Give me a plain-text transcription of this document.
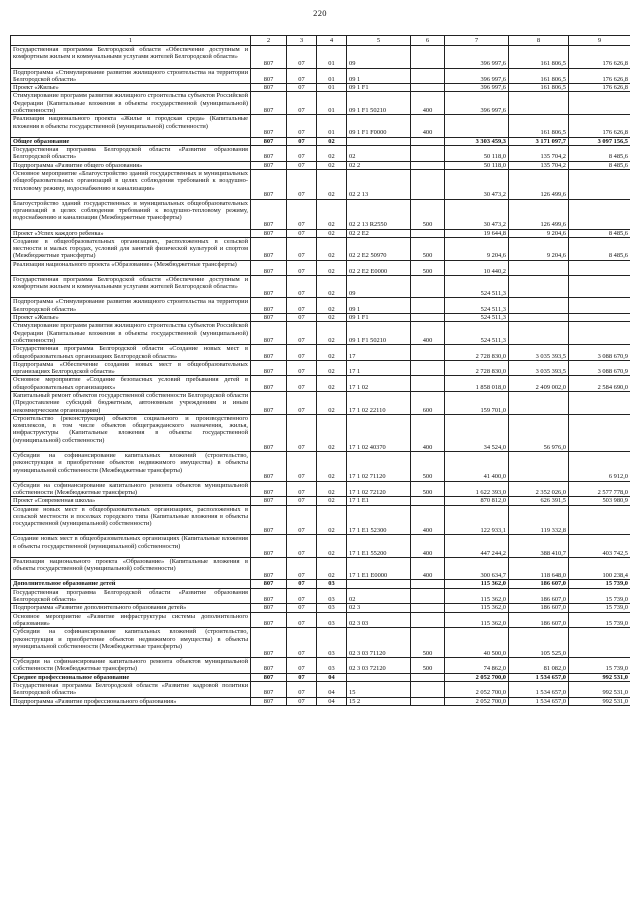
220
1	2	3	4	5	6	7	8	9
Государственная программа Белгородской области «Обеспечение доступным и комфортным жильем и коммунальными услугами жителей Белгородской области»	807	07	01	09		396 997,6	161 806,5	176 626,8
Подпрограмма «Стимулирование развития жилищного строительства на территории Белгородской области»	807	07	01	09 1		396 997,6	161 806,5	176 626,8
Проект «Жилье»	807	07	01	09 1 F1		396 997,6	161 806,5	176 626,8
Стимулирование программ развития жилищного строительства субъектов Российской Федерации (Капитальные вложения в объекты государственной (муниципальной) собственности)	807	07	01	09 1 F1 50210	400	396 997,6		
Реализация национального проекта «Жилье и городская среда» (Капитальные вложения в объекты государственной (муниципальной) собственности)	807	07	01	09 1 F1 F0000	400		161 806,5	176 626,8
Общее образование	807	07	02			3 303 459,3	3 171 097,7	3 097 156,5
Государственная программа Белгородской области «Развитие образования Белгородской области»	807	07	02	02		50 118,0	135 704,2	8 485,6
Подпрограмма «Развитие общего образования»	807	07	02	02 2		50 118,0	135 704,2	8 485,6
Основное мероприятие «Благоустройство зданий государственных и муниципальных общеобразовательных организаций в целях соблюдения требований к воздушно-тепловому режиму, водоснабжению и канализации»	807	07	02	02 2 13		30 473,2	126 499,6	
Благоустройство зданий государственных и муниципальных общеобразовательных организаций в целях соблюдения требований к воздушно-тепловому режиму, водоснабжению и канализации (Межбюджетные трансферты)	807	07	02	02 2 13 R2550	500	30 473,2	126 499,6	
Проект «Успех каждого ребенка»	807	07	02	02 2 E2		19 644,8	9 204,6	8 485,6
Создание в общеобразовательных организациях, расположенных в сельской местности и малых городах, условий для занятий физической культурой и спортом (Межбюджетные трансферты)	807	07	02	02 2 E2 50970	500	9 204,6	9 204,6	8 485,6
Реализация национального проекта «Образование» (Межбюджетные трансферты)	807	07	02	02 2 E2 E0000	500	10 440,2		
Государственная программа Белгородской области «Обеспечение доступным и комфортным жильем и коммунальными услугами жителей Белгородской области»	807	07	02	09		524 511,3		
Подпрограмма «Стимулирование развития жилищного строительства на территории Белгородской области»	807	07	02	09 1		524 511,3		
Проект «Жилье»	807	07	02	09 1 F1		524 511,3		
Стимулирование программ развития жилищного строительства субъектов Российской Федерации (Капитальные вложения в объекты государственной (муниципальной) собственности)	807	07	02	09 1 F1 50210	400	524 511,3		
Государственная программа Белгородской области «Создание новых мест в общеобразовательных организациях Белгородской области»	807	07	02	17		2 728 830,0	3 035 393,5	3 088 670,9
Подпрограмма «Обеспечение создания новых мест в общеобразовательных организациях Белгородской области»	807	07	02	17 1		2 728 830,0	3 035 393,5	3 088 670,9
Основное мероприятие «Создание безопасных условий пребывания детей в общеобразовательных организациях»	807	07	02	17 1 02		1 858 018,0	2 409 002,0	2 584 690,0
Капитальный ремонт объектов государственной собственности Белгородской области (Предоставление субсидий бюджетным, автономным учреждениям и иным некоммерческим организациям)	807	07	02	17 1 02 22110	600	159 701,0		
Строительство (реконструкция) объектов социального и производственного комплексов, в том числе объектов общегражданского назначения, жилья, инфраструктуры (Капитальные вложения в объекты государственной (муниципальной) собственности)	807	07	02	17 1 02 40370	400	34 524,0	56 976,0	
Субсидии на софинансирование капитальных вложений (строительство, реконструкция и приобретение объектов недвижимого имущества) в объекты муниципальной собственности (Межбюджетные трансферты)	807	07	02	17 1 02 71120	500	41 400,0		6 912,0
Субсидии на софинансирование капитального ремонта объектов муниципальной собственности (Межбюджетные трансферты)	807	07	02	17 1 02 72120	500	1 622 393,0	2 352 026,0	2 577 778,0
Проект «Современная школа»	807	07	02	17 1 E1		870 812,0	626 391,5	503 980,9
Создание новых мест в общеобразовательных организациях, расположенных в сельской местности и поселках городского типа (Капитальные вложения в объекты государственной (муниципальной) собственности)	807	07	02	17 1 E1 52300	400	122 933,1	119 332,8	
Создание новых мест в общеобразовательных организациях (Капитальные вложения в объекты государственной (муниципальной) собственности)	807	07	02	17 1 E1 55200	400	447 244,2	388 410,7	403 742,5
Реализация национального проекта «Образование» (Капитальные вложения в объекты государственной (муниципальной) собственности)	807	07	02	17 1 E1 E0000	400	300 634,7	118 648,0	100 238,4
Дополнительное образование детей	807	07	03			115 362,0	186 607,0	15 739,0
Государственная программа Белгородской области «Развитие образования Белгородской области»	807	07	03	02		115 362,0	186 607,0	15 739,0
Подпрограмма «Развитие дополнительного образования детей»	807	07	03	02 3		115 362,0	186 607,0	15 739,0
Основное мероприятие «Развитие инфраструктуры системы дополнительного образования»	807	07	03	02 3 03		115 362,0	186 607,0	15 739,0
Субсидии на софинансирование капитальных вложений (строительство, реконструкция и приобретение объектов недвижимого имущества) в объекты муниципальной собственности (Межбюджетные трансферты)	807	07	03	02 3 03 71120	500	40 500,0	105 525,0	
Субсидии на софинансирование капитального ремонта объектов муниципальной собственности (Межбюджетные трансферты)	807	07	03	02 3 03 72120	500	74 862,0	81 082,0	15 739,0
Среднее профессиональное образование	807	07	04			2 052 700,0	1 534 657,0	992 531,0
Государственная программа Белгородской области «Развитие кадровой политики Белгородской области»	807	07	04	15		2 052 700,0	1 534 657,0	992 531,0
Подпрограмма «Развитие профессионального образования»	807	07	04	15 2		2 052 700,0	1 534 657,0	992 531,0
